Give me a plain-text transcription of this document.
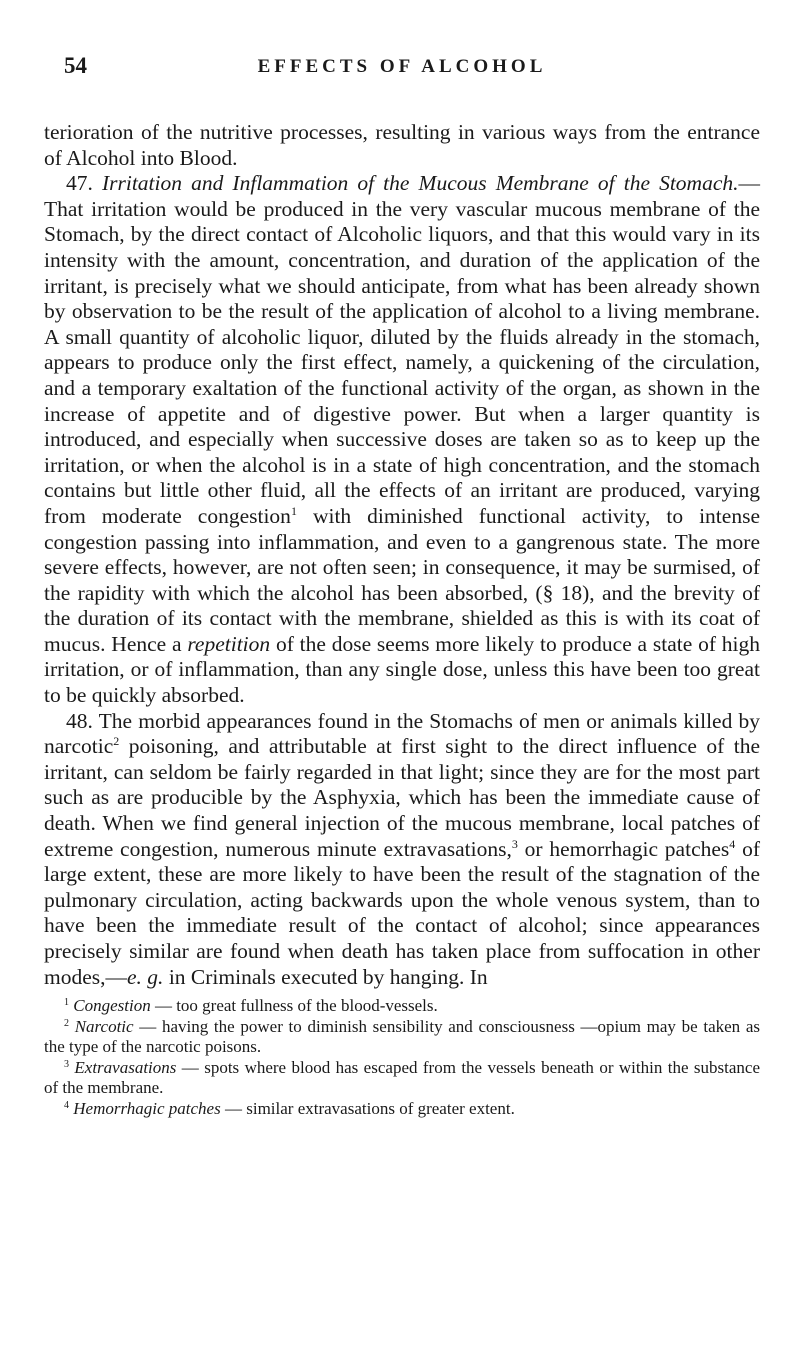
54	EFFECTS OF ALCOHOL

terioration of the nutritive processes, resulting in various ways from the entrance of Alcohol into Blood.

47. Irritation and Inflammation of the Mucous Membrane of the Stomach.—That irritation would be produced in the very vascular mucous membrane of the Stomach, by the direct contact of Alcoholic liquors, and that this would vary in its intensity with the amount, concentration, and duration of the application of the irritant, is precisely what we should anticipate, from what has been already shown by observation to be the result of the application of alcohol to a living membrane. A small quantity of alcoholic liquor, diluted by the fluids already in the stomach, appears to produce only the first effect, namely, a quickening of the circulation, and a temporary exaltation of the functional activity of the organ, as shown in the increase of appetite and of digestive power. But when a larger quantity is introduced, and especially when successive doses are taken so as to keep up the irritation, or when the alcohol is in a state of high concentration, and the stomach contains but little other fluid, all the effects of an irritant are produced, varying from moderate congestion$^1$ with diminished functional activity, to intense congestion passing into inflammation, and even to a gangrenous state. The more severe effects, however, are not often seen; in consequence, it may be surmised, of the rapidity with which the alcohol has been absorbed, (§ 18), and the brevity of the duration of its contact with the membrane, shielded as this is with its coat of mucus. Hence a repetition of the dose seems more likely to produce a state of high irritation, or of inflammation, than any single dose, unless this have been too great to be quickly absorbed.

48. The morbid appearances found in the Stomachs of men or animals killed by narcotic$^2$ poisoning, and attributable at first sight to the direct influence of the irritant, can seldom be fairly regarded in that light; since they are for the most part such as are producible by the Asphyxia, which has been the immediate cause of death. When we find general injection of the mucous membrane, local patches of extreme congestion, numerous minute extravasations,$^3$ or hemorrhagic patches$^4$ of large extent, these are more likely to have been the result of the stagnation of the pulmonary circulation, acting backwards upon the whole venous system, than to have been the immediate result of the contact of alcohol; since appearances precisely similar are found when death has taken place from suffocation in other modes,—e. g. in Criminals executed by hanging. In

$^1$ Congestion — too great fullness of the blood-vessels.

$^2$ Narcotic — having the power to diminish sensibility and consciousness —opium may be taken as the type of the narcotic poisons.

$^3$ Extravasations — spots where blood has escaped from the vessels beneath or within the substance of the membrane.

$^4$ Hemorrhagic patches — similar extravasations of greater extent.
